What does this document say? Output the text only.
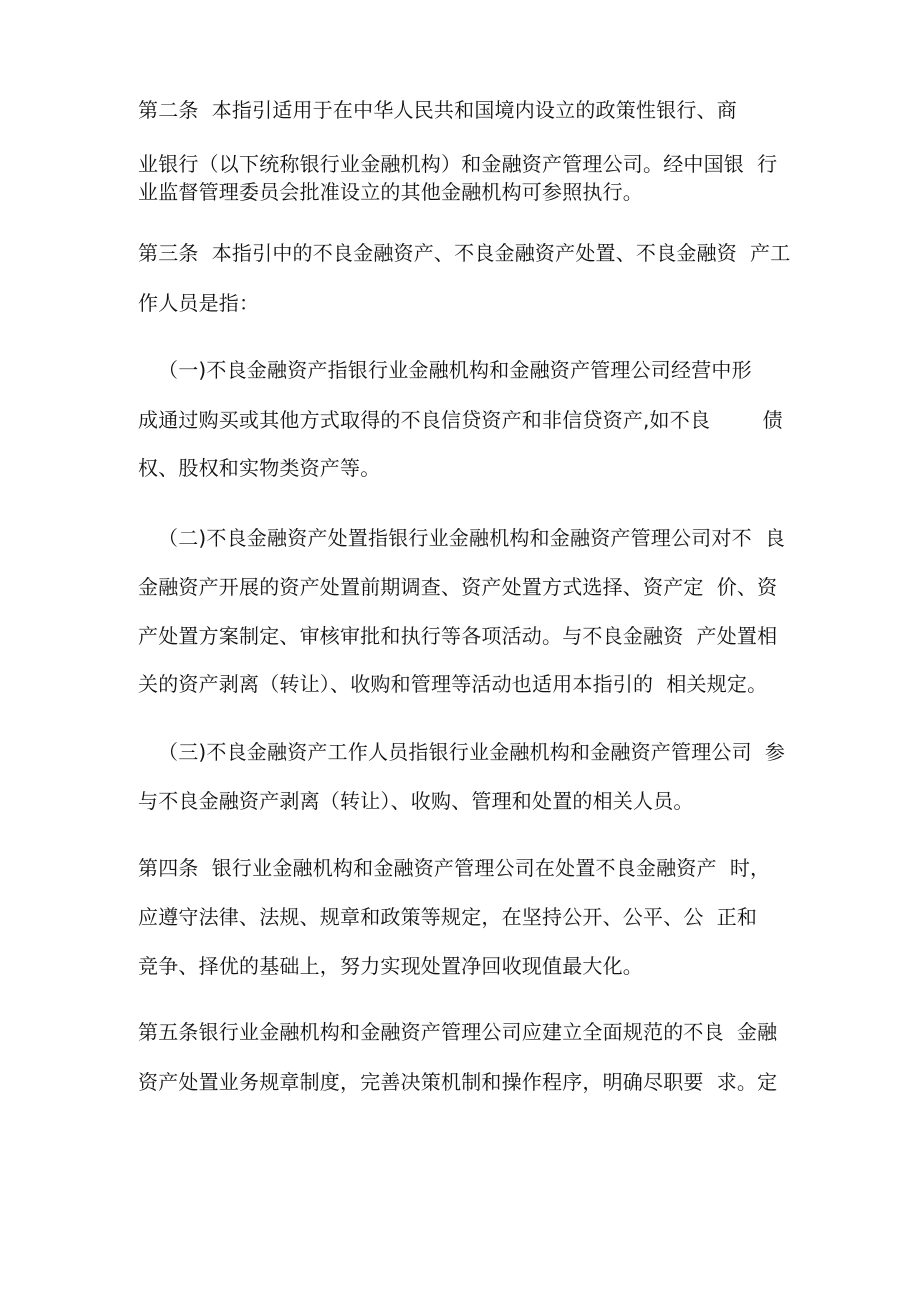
第二条  本指引适用于在中华人民共和国境内设立的政策性银行、商
业银行（以下统称银行业金融机构）和金融资产管理公司。经中国银  行
业监督管理委员会批准设立的其他金融机构可参照执行。
第三条  本指引中的不良金融资产、不良金融资产处置、不良金融资  产工
作人员是指：
（一)不良金融资产指银行业金融机构和金融资产管理公司经营中形
成通过购买或其他方式取得的不良信贷资产和非信贷资产,如不良        债
权、股权和实物类资产等。
（二)不良金融资产处置指银行业金融机构和金融资产管理公司对不  良
金融资产开展的资产处置前期调查、资产处置方式选择、资产定  价、资
产处置方案制定、审核审批和执行等各项活动。与不良金融资  产处置相
关的资产剥离（转让）、收购和管理等活动也适用本指引的  相关规定。
（三)不良金融资产工作人员指银行业金融机构和金融资产管理公司  参
与不良金融资产剥离（转让）、收购、管理和处置的相关人员。
第四条  银行业金融机构和金融资产管理公司在处置不良金融资产  时，
应遵守法律、法规、规章和政策等规定，在坚持公开、公平、公  正和
竞争、择优的基础上，努力实现处置净回收现值最大化。
第五条银行业金融机构和金融资产管理公司应建立全面规范的不良  金融
资产处置业务规章制度，完善决策机制和操作程序，明确尽职要  求。定
